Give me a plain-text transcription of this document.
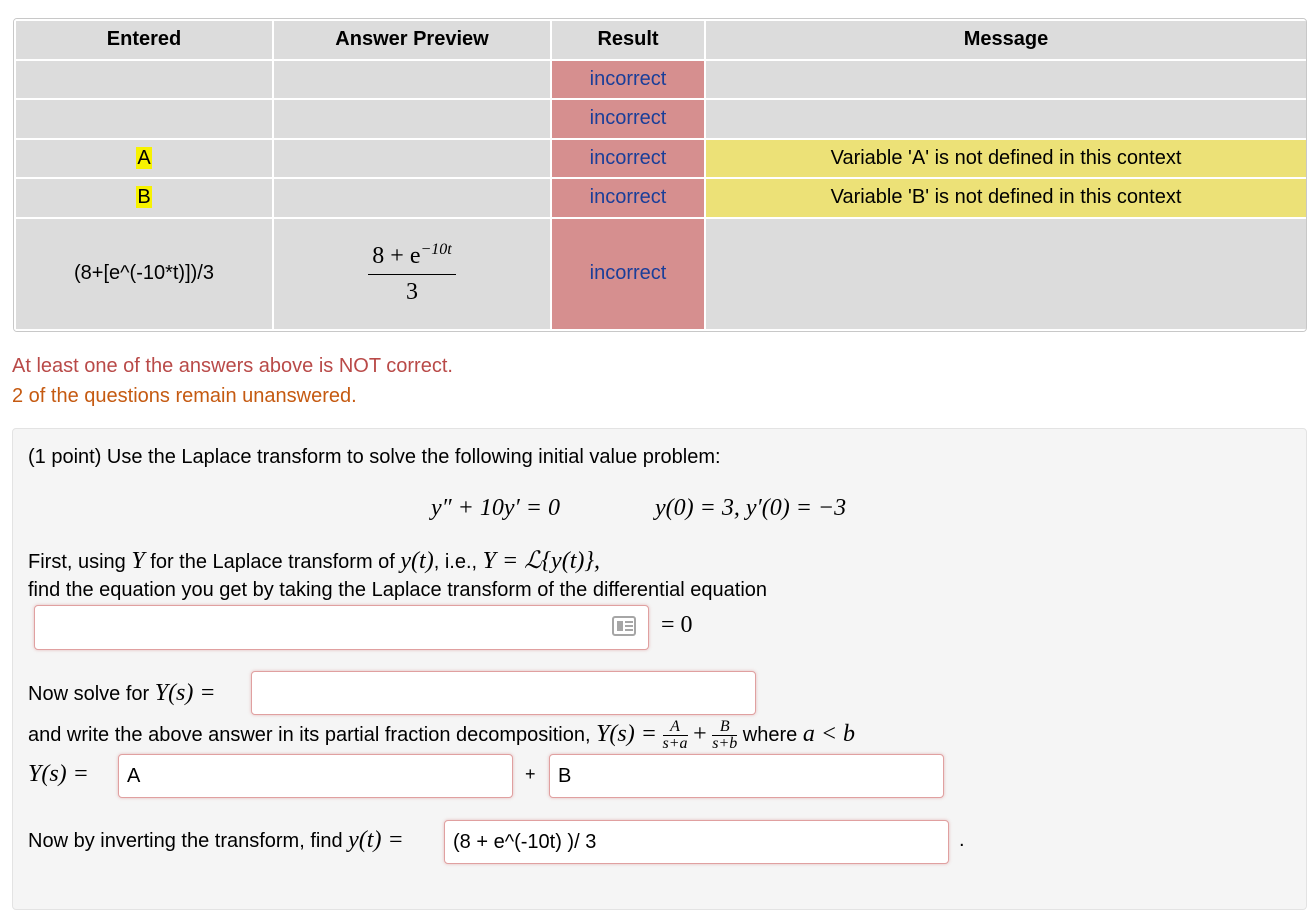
Entered	Answer Preview	Result	Message
		incorrect	
		incorrect	
A		incorrect	Variable 'A' is not defined in this context
B		incorrect	Variable 'B' is not defined in this context
(8+[e^(-10*t)])/3	$\frac{8 + e^{-10t}}{3}$	incorrect	
At least one of the answers above is NOT correct.
2 of the questions remain unanswered.
(1 point) Use the Laplace transform to solve the following initial value problem:
y″ + 10y′ = 0	y(0) = 3, y′(0) = −3
First, using Y for the Laplace transform of y(t), i.e., Y = ℒ{y(t)},
find the equation you get by taking the Laplace transform of the differential equation
= 0
Now solve for Y(s) =
and write the above answer in its partial fraction decomposition, $Y(s) = \frac{A}{s+a} + \frac{B}{s+b}$ where a < b
Y(s) = A	+ B
Now by inverting the transform, find y(t) = (8 + e^(-10t) )/ 3	.
